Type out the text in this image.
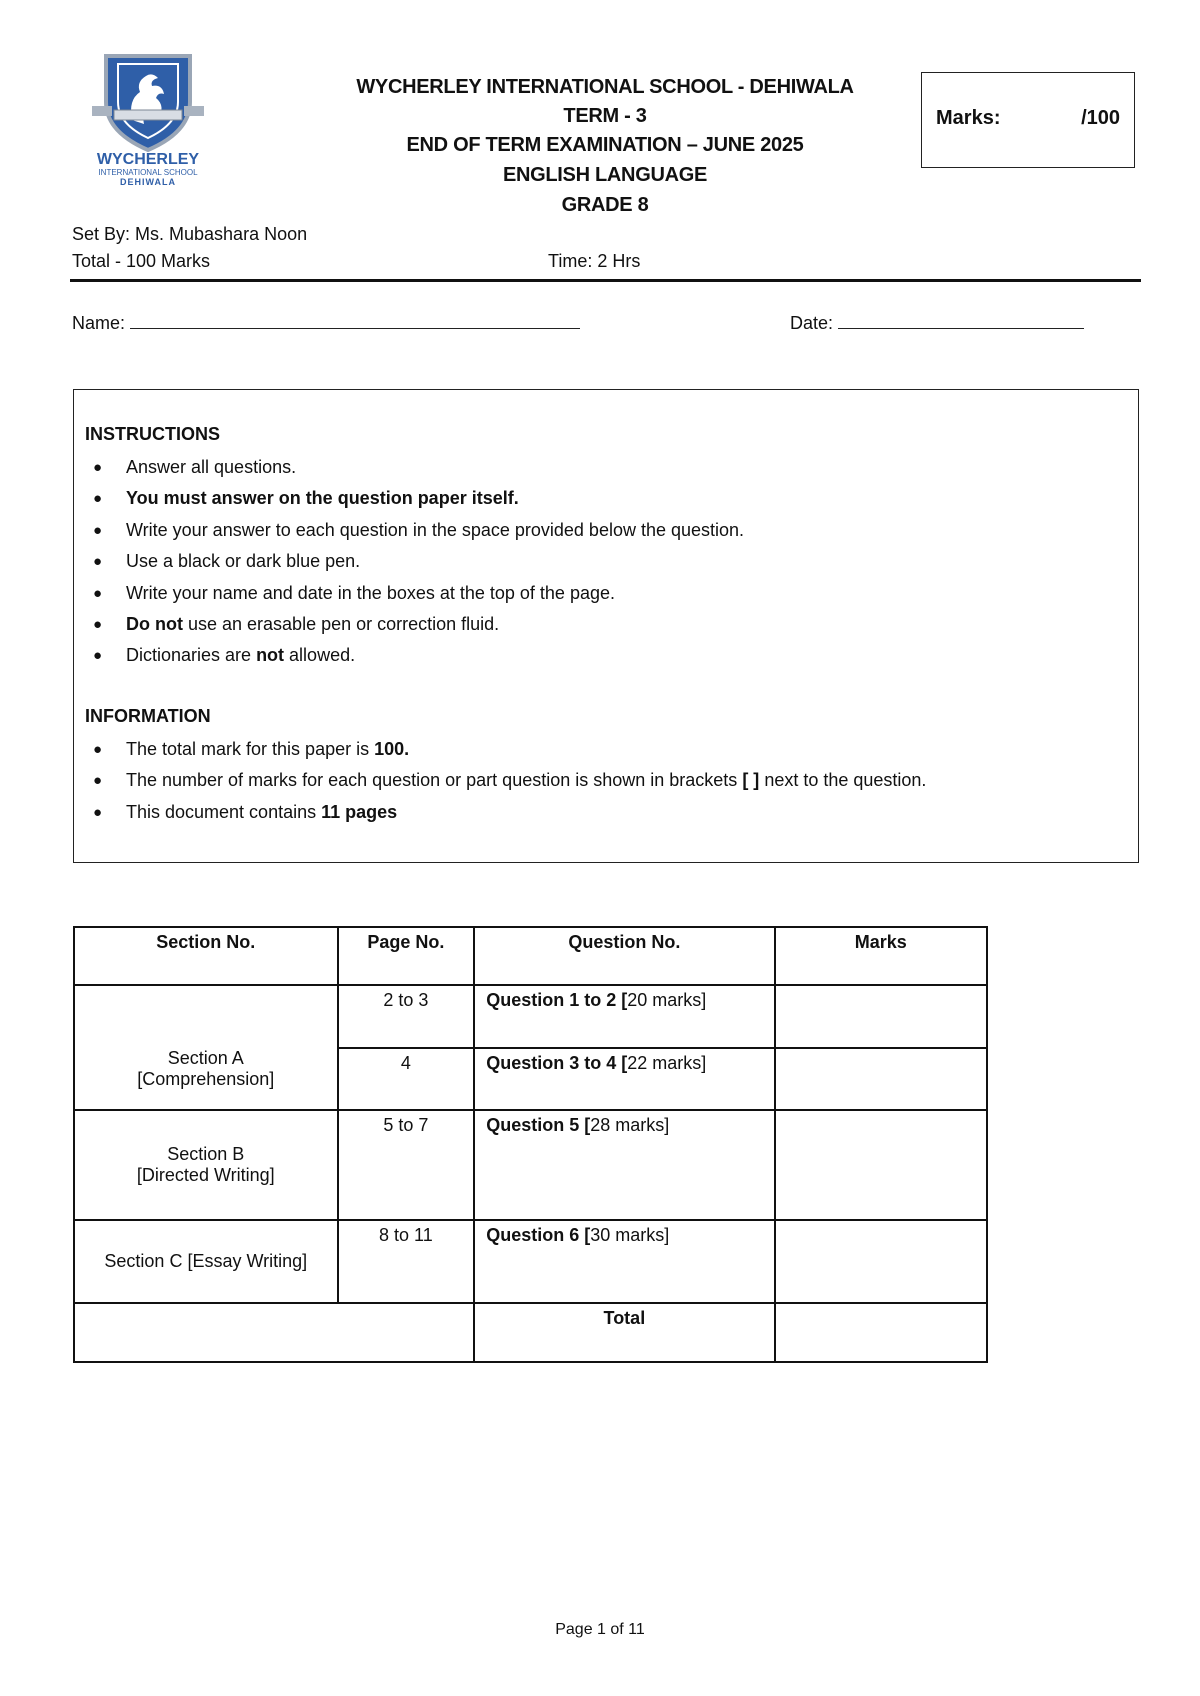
WYCHERLEY
INTERNATIONAL SCHOOL
DEHIWALA
WYCHERLEY INTERNATIONAL SCHOOL - DEHIWALA
TERM - 3
END OF TERM EXAMINATION – JUNE 2025
ENGLISH LANGUAGE
GRADE 8
Marks:	/100
Set By: Ms. Mubashara Noon
Total - 100 Marks	Time: 2 Hrs
Name:	Date:
INSTRUCTIONS
● Answer all questions.
● You must answer on the question paper itself.
● Write your answer to each question in the space provided below the question.
● Use a black or dark blue pen.
● Write your name and date in the boxes at the top of the page.
● Do not use an erasable pen or correction fluid.
● Dictionaries are not allowed.
INFORMATION
● The total mark for this paper is 100.
● The number of marks for each question or part question is shown in brackets [ ] next to the question.
● This document contains 11 pages
Section No.	Page No.	Question No.	Marks

Section A
[Comprehension]	2 to 3	Question 1 to 2 [20 marks]	
	4	Question 3 to 4 [22 marks]	

Section B
[Directed Writing]	5 to 7	Question 5 [28 marks]	
Section C [Essay Writing]	8 to 11	Question 6 [30 marks]	
		Total	
Page 1 of 11
